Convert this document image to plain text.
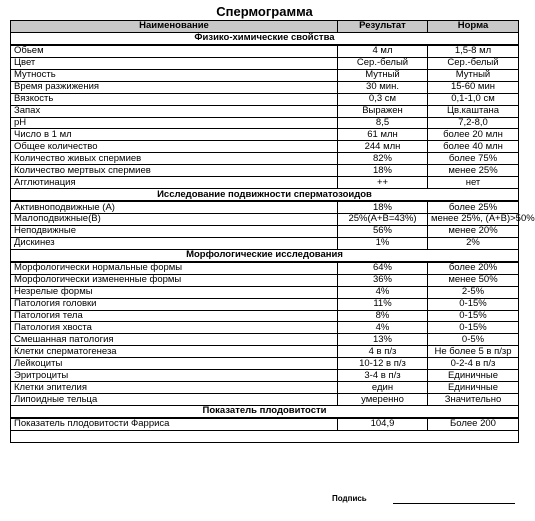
Спермограмма
Наименование	Результат	Норма
Физико-химические свойства		
Обьем	4 мл	1,5-8 мл
Цвет	Сер.-белый	Сер.-белый
Мутность	Мутный	Мутный
Время разжижения	30 мин.	15-60 мин
Вязкость	0,3 см	0,1-1,0 см
Запах	Выражен	Цв.каштана
pH	8,5	7,2-8,0
Число в 1 мл	61 млн	более 20 млн
Общее количество	244 млн	более 40 млн
Количество живых спермиев	82%	более 75%
Количество мертвых спермиев	18%	менее 25%
Агглютинация	++	нет
Исследование подвижности сперматозоидов		
Активноподвижные (А)	18%	более 25%
Малоподвижные(В)	25%(А+В=43%)	менее 25%, (А+В)>50%
Неподвижные	56%	менее 20%
Дискинез	1%	2%
Морфологические исследования		
Морфологически нормальные формы	64%	более 20%
Морфологически измененные формы	36%	менее 50%
Незрелые формы	4%	2-5%
Патология головки	11%	0-15%
Патология тела	8%	0-15%
Патология хвоста	4%	0-15%
Смешанная патология	13%	0-5%
Клетки сперматогенеза	4 в п/з	Не более 5 в п/зр
Лейкоциты	10-12 в п/з	0-2-4 в п/з
Эритроциты	3-4 в п/з	Единичные
Клетки эпителия	един	Единичные
Липоидные тельца	умеренно	Значительно
Показатель плодовитости		
Показатель плодовитости Фаррисa	104,9	Более 200

Подпись
